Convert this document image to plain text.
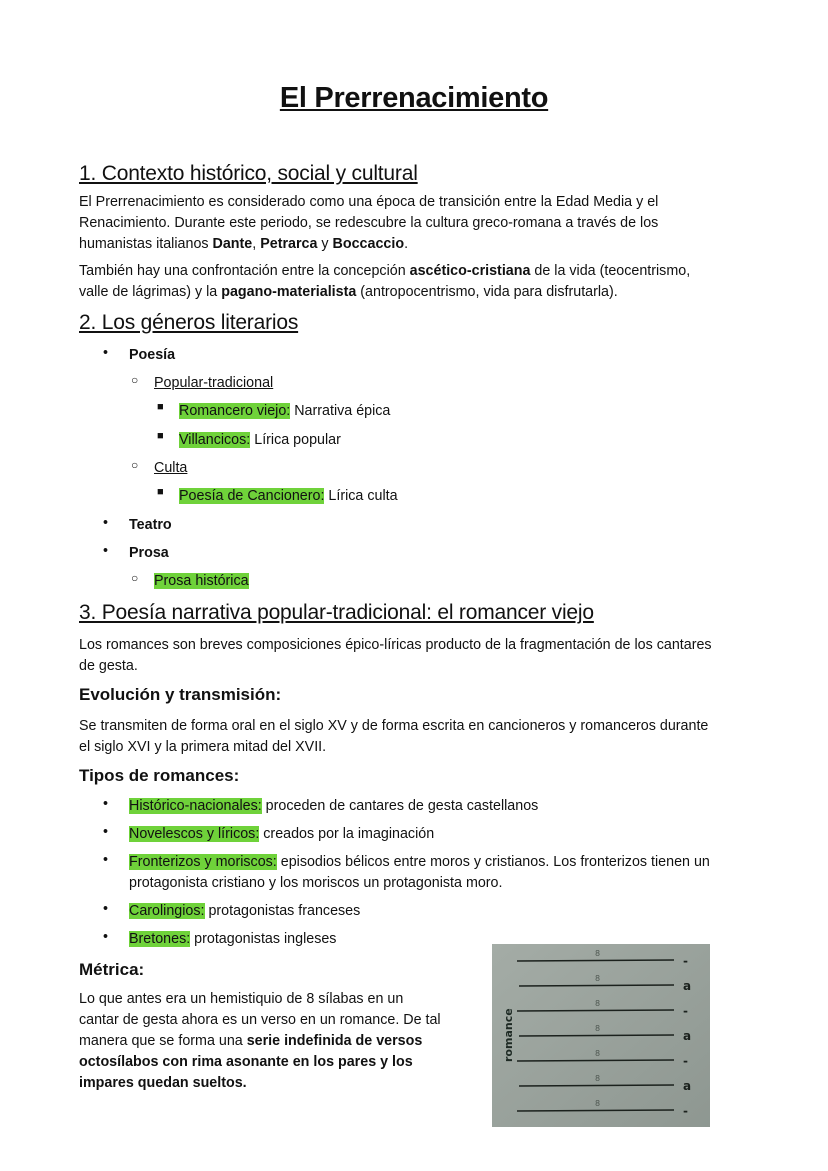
El Prerrenacimiento
1. Contexto histórico, social y cultural
El Prerrenacimiento es considerado como una época de transición entre la Edad Media y el
Renacimiento. Durante este periodo, se redescubre la cultura greco-romana a través de los
humanistas italianos Dante, Petrarca y Boccaccio.
También hay una confrontación entre la concepción ascético-cristiana de la vida (teocentrismo,
valle de lágrimas) y la pagano-materialista (antropocentrismo, vida para disfrutarla).
2. Los géneros literarios
• Poesía
○ Popular-tradicional
■ Romancero viejo: Narrativa épica
■ Villancicos: Lírica popular
○ Culta
■ Poesía de Cancionero: Lírica culta
• Teatro
• Prosa
○ Prosa histórica
3. Poesía narrativa popular-tradicional: el romancer viejo
Los romances son breves composiciones épico-líricas producto de la fragmentación de los cantares
de gesta.
Evolución y transmisión:
Se transmiten de forma oral en el siglo XV y de forma escrita en cancioneros y romanceros durante
el siglo XVI y la primera mitad del XVII.
Tipos de romances:
• Histórico-nacionales: proceden de cantares de gesta castellanos
• Novelescos y líricos: creados por la imaginación
• Fronterizos y moriscos: episodios bélicos entre moros y cristianos. Los fronterizos tienen un
protagonista cristiano y los moriscos un protagonista moro.
• Carolingios: protagonistas franceses
• Bretones: protagonistas ingleses
Métrica:
Lo que antes era un hemistiquio de 8 sílabas en un
cantar de gesta ahora es un verso en un romance. De tal
manera que se forma una serie indefinida de versos
octosílabos con rima asonante en los pares y los
impares quedan sueltos.
romance
8
-
8
a
8
-
8
a
8
-
8
a
8
-
